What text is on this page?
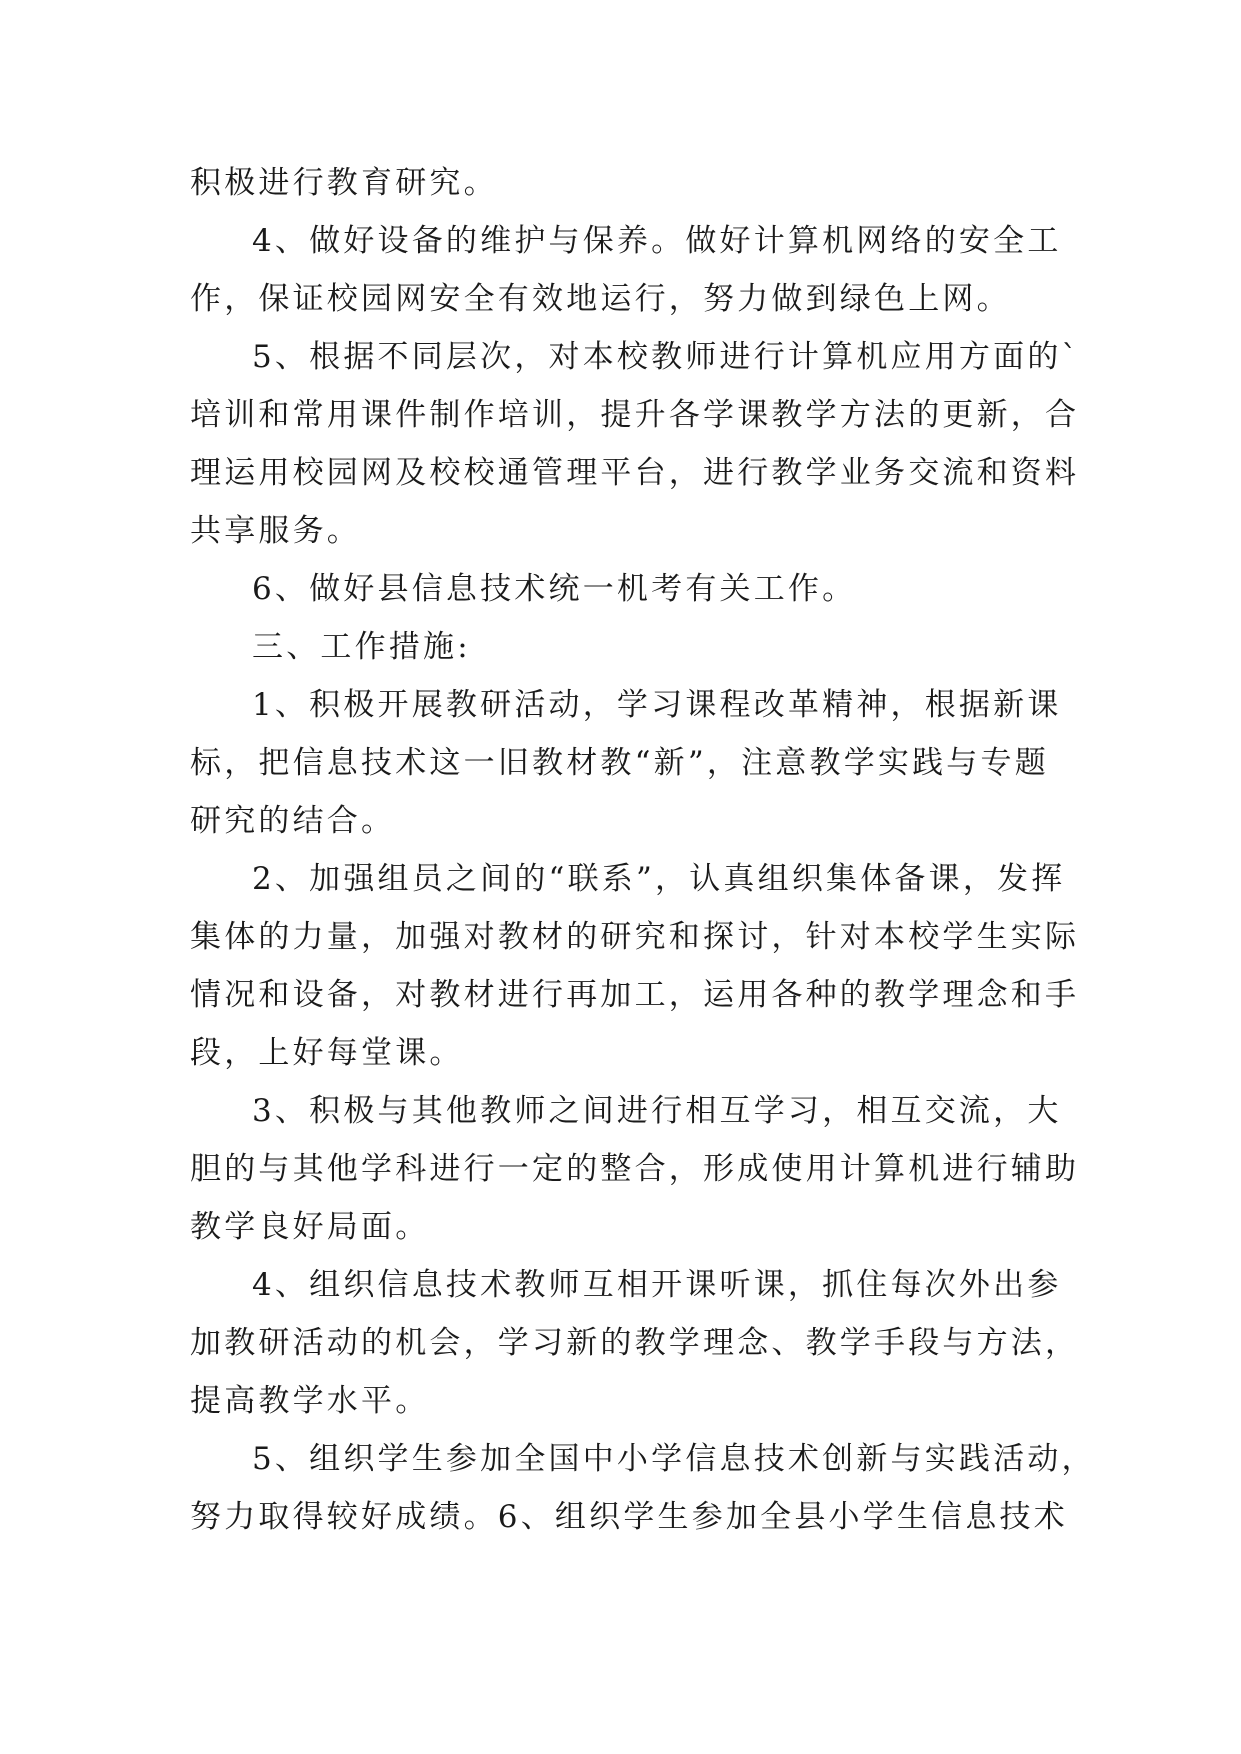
积极进行教育研究。
4、做好设备的维护与保养。做好计算机网络的安全工
作，保证校园网安全有效地运行，努力做到绿色上网。
5、根据不同层次，对本校教师进行计算机应用方面的`
培训和常用课件制作培训，提升各学课教学方法的更新，合
理运用校园网及校校通管理平台，进行教学业务交流和资料
共享服务。
6、做好县信息技术统一机考有关工作。
三、工作措施:
1、积极开展教研活动，学习课程改革精神，根据新课
标，把信息技术这一旧教材教“新”，注意教学实践与专题
研究的结合。
2、加强组员之间的“联系”，认真组织集体备课，发挥
集体的力量，加强对教材的研究和探讨，针对本校学生实际
情况和设备，对教材进行再加工，运用各种的教学理念和手
段，上好每堂课。
3、积极与其他教师之间进行相互学习，相互交流，大
胆的与其他学科进行一定的整合，形成使用计算机进行辅助
教学良好局面。
4、组织信息技术教师互相开课听课，抓住每次外出参
加教研活动的机会，学习新的教学理念、教学手段与方法，
提高教学水平。
5、组织学生参加全国中小学信息技术创新与实践活动，
努力取得较好成绩。6、组织学生参加全县小学生信息技术
